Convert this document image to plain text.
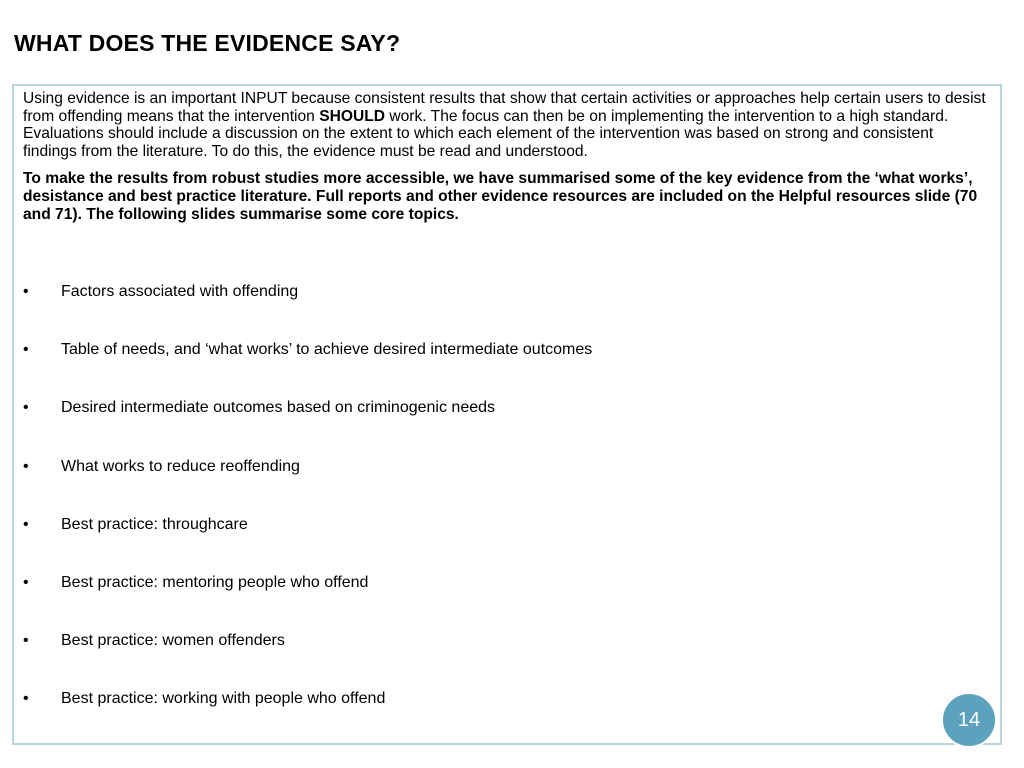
WHAT DOES THE EVIDENCE SAY?

Using evidence is an important INPUT because consistent results that show that certain activities or approaches help certain users to desist from offending means that the intervention SHOULD work. The focus can then be on implementing the intervention to a high standard. Evaluations should include a discussion on the extent to which each element of the intervention was based on strong and consistent findings from the literature. To do this, the evidence must be read and understood.

To make the results from robust studies more accessible, we have summarised some of the key evidence from the ‘what works’, desistance and best practice literature. Full reports and other evidence resources are included on the Helpful resources slide (70 and 71). The following slides summarise some core topics.

•	Factors associated with offending
•	Table of needs, and ‘what works’ to achieve desired intermediate outcomes
•	Desired intermediate outcomes based on criminogenic needs
•	What works to reduce reoffending
•	Best practice: throughcare
•	Best practice: mentoring people who offend
•	Best practice: women offenders
•	Best practice: working with people who offend
14
